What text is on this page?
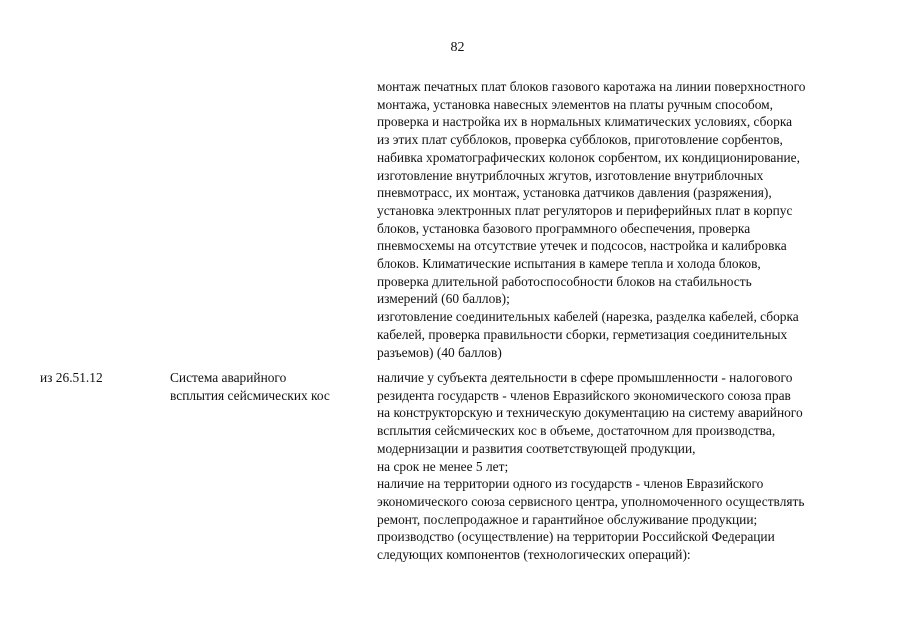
82
монтаж печатных плат блоков газового каротажа на линии поверхностного
монтажа, установка навесных элементов на платы ручным способом,
проверка и настройка их в нормальных климатических условиях, сборка
из этих плат субблоков, проверка субблоков, приготовление сорбентов,
набивка хроматографических колонок сорбентом, их кондиционирование,
изготовление внутриблочных жгутов, изготовление внутриблочных
пневмотрасс, их монтаж, установка датчиков давления (разряжения),
установка электронных плат регуляторов и периферийных плат в корпус
блоков, установка базового программного обеспечения, проверка
пневмосхемы на отсутствие утечек и подсосов, настройка и калибровка
блоков. Климатические испытания в камере тепла и холода блоков,
проверка длительной работоспособности блоков на стабильность
измерений (60 баллов);
изготовление соединительных кабелей (нарезка, разделка кабелей, сборка
кабелей, проверка правильности сборки, герметизация соединительных
разъемов) (40 баллов)
из 26.51.12	Система аварийного
всплытия сейсмических кос
наличие у субъекта деятельности в сфере промышленности - налогового
резидента государств - членов Евразийского экономического союза прав
на конструкторскую и техническую документацию на систему аварийного
всплытия сейсмических кос в объеме, достаточном для производства,
модернизации и развития соответствующей продукции,
на срок не менее 5 лет;
наличие на территории одного из государств - членов Евразийского
экономического союза сервисного центра, уполномоченного осуществлять
ремонт, послепродажное и гарантийное обслуживание продукции;
производство (осуществление) на территории Российской Федерации
следующих компонентов (технологических операций):
